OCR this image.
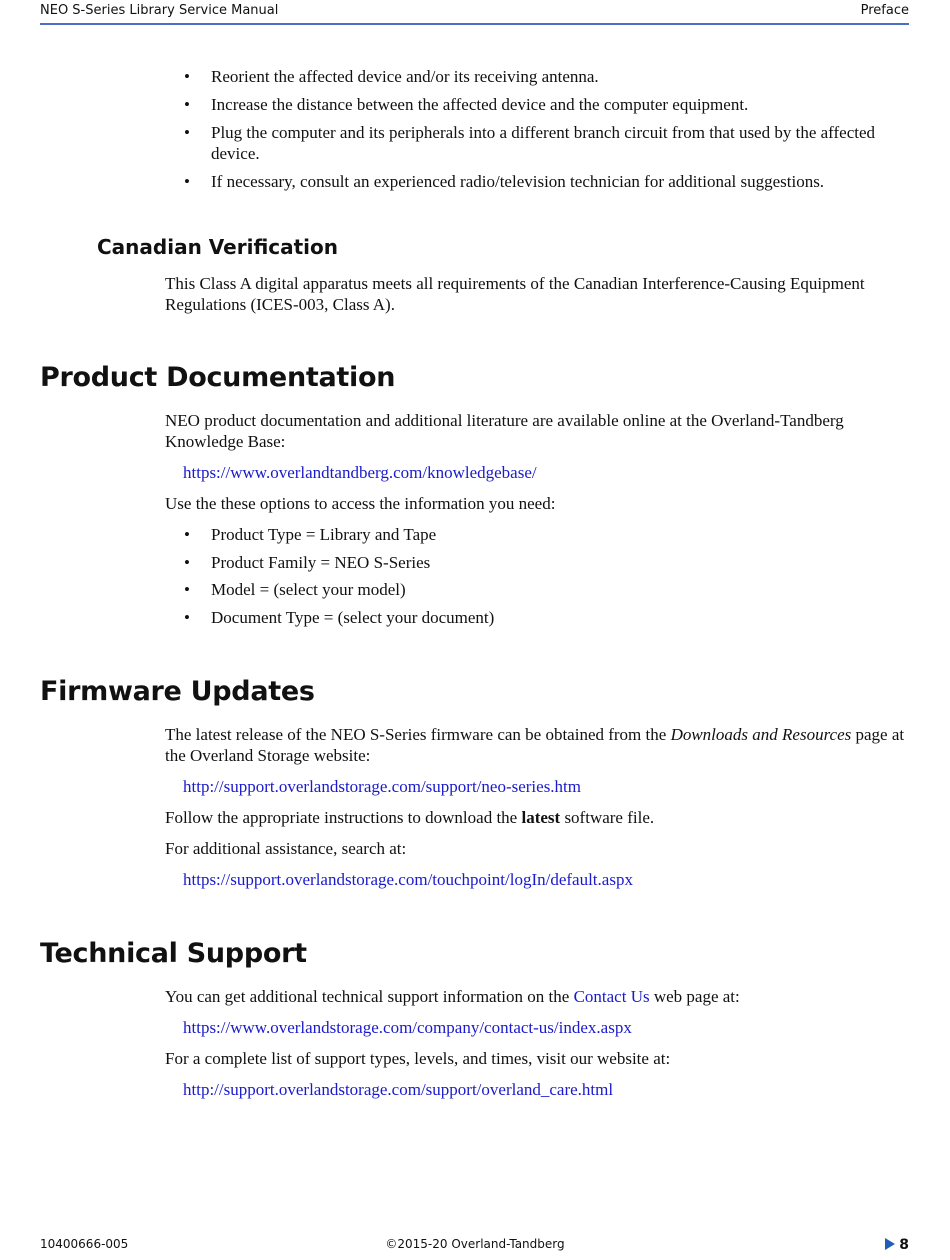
NEO S-Series Library Service Manual	Preface
• Reorient the affected device and/or its receiving antenna.
• Increase the distance between the affected device and the computer equipment.
• Plug the computer and its peripherals into a different branch circuit from that used by the affected device.
• If necessary, consult an experienced radio/television technician for additional suggestions.
Canadian Verification

This Class A digital apparatus meets all requirements of the Canadian Interference-Causing Equipment Regulations (ICES-003, Class A).

Product Documentation

NEO product documentation and additional literature are available online at the Overland-Tandberg Knowledge Base:

https://www.overlandtandberg.com/knowledgebase/

Use the these options to access the information you need:

• Product Type = Library and Tape
• Product Family = NEO S-Series
• Model = (select your model)
• Document Type = (select your document)
Firmware Updates

The latest release of the NEO S-Series firmware can be obtained from the Downloads and Resources page at the Overland Storage website:

http://support.overlandstorage.com/support/neo-series.htm

Follow the appropriate instructions to download the latest software file.

For additional assistance, search at:

https://support.overlandstorage.com/touchpoint/logIn/default.aspx

Technical Support

You can get additional technical support information on the Contact Us web page at:

https://www.overlandstorage.com/company/contact-us/index.aspx

For a complete list of support types, levels, and times, visit our website at:

http://support.overlandstorage.com/support/overland_care.html

10400666-005	©2015-20 Overland-Tandberg	8
